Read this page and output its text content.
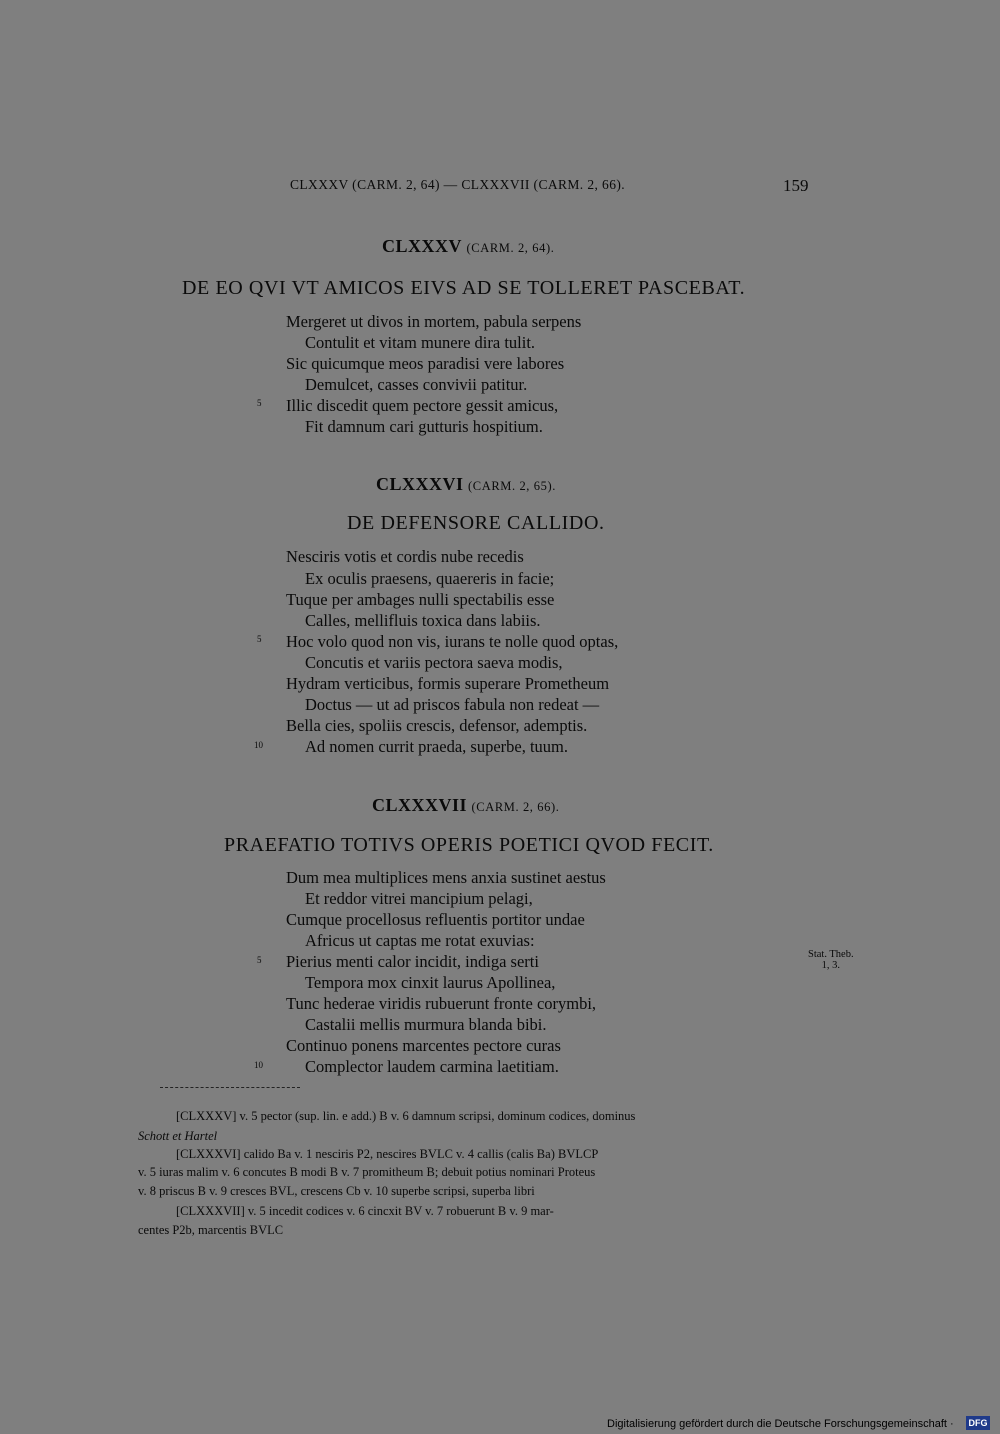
CLXXXV (CARM. 2, 64) — CLXXXVII (CARM. 2, 66).	159
CLXXXV (CARM. 2, 64).
DE EO QVI VT AMICOS EIVS AD SE TOLLERET PASCEBAT.
Mergeret ut divos in mortem, pabula serpens
Contulit et vitam munere dira tulit.
Sic quicumque meos paradisi vere labores
Demulcet, casses convivii patitur.
5 Illic discedit quem pectore gessit amicus,
Fit damnum cari gutturis hospitium.
CLXXXVI (CARM. 2, 65).
DE DEFENSORE CALLIDO.
Nesciris votis et cordis nube recedis
Ex oculis praesens, quaereris in facie;
Tuque per ambages nulli spectabilis esse
Calles, mellifluis toxica dans labiis.
5 Hoc volo quod non vis, iurans te nolle quod optas,
Concutis et variis pectora saeva modis,
Hydram verticibus, formis superare Prometheum
Doctus — ut ad priscos fabula non redeat —
Bella cies, spoliis crescis, defensor, ademptis.
10	Ad nomen currit praeda, superbe, tuum.
CLXXXVII (CARM. 2, 66).
PRAEFATIO TOTIVS OPERIS POETICI QVOD FECIT.
Dum mea multiplices mens anxia sustinet aestus
Et reddor vitrei mancipium pelagi,
Cumque procellosus refluentis portitor undae
Africus ut captas me rotat exuvias:
5 Pierius menti calor incidit, indiga serti	Stat. Theb.
1, 3.
Tempora mox cinxit laurus Apollinea,
Tunc hederae viridis rubuerunt fronte corymbi,
Castalii mellis murmura blanda bibi.
Continuo ponens marcentes pectore curas
10	Complector laudem carmina laetitiam.
[CLXXXV] v. 5 pector (sup. lin. e add.) B v. 6 damnum scripsi, dominum codices, dominus
Schott et Hartel
[CLXXXVI] calido Ba v. 1 nesciris P2, nescires BVLC v. 4 callis (calis Ba) BVLCP
v. 5 iuras malim v. 6 concutes B modi B v. 7 promitheum B; debuit potius nominari Proteus
v. 8 priscus B v. 9 cresces BVL, crescens Cb v. 10 superbe scripsi, superba libri
[CLXXXVII] v. 5 incedit codices v. 6 cincxit BV v. 7 robuerunt B v. 9 mar-
centes P2b, marcentis BVLC
Digitalisierung gefördert durch die Deutsche Forschungsgemeinschaft · DFG
